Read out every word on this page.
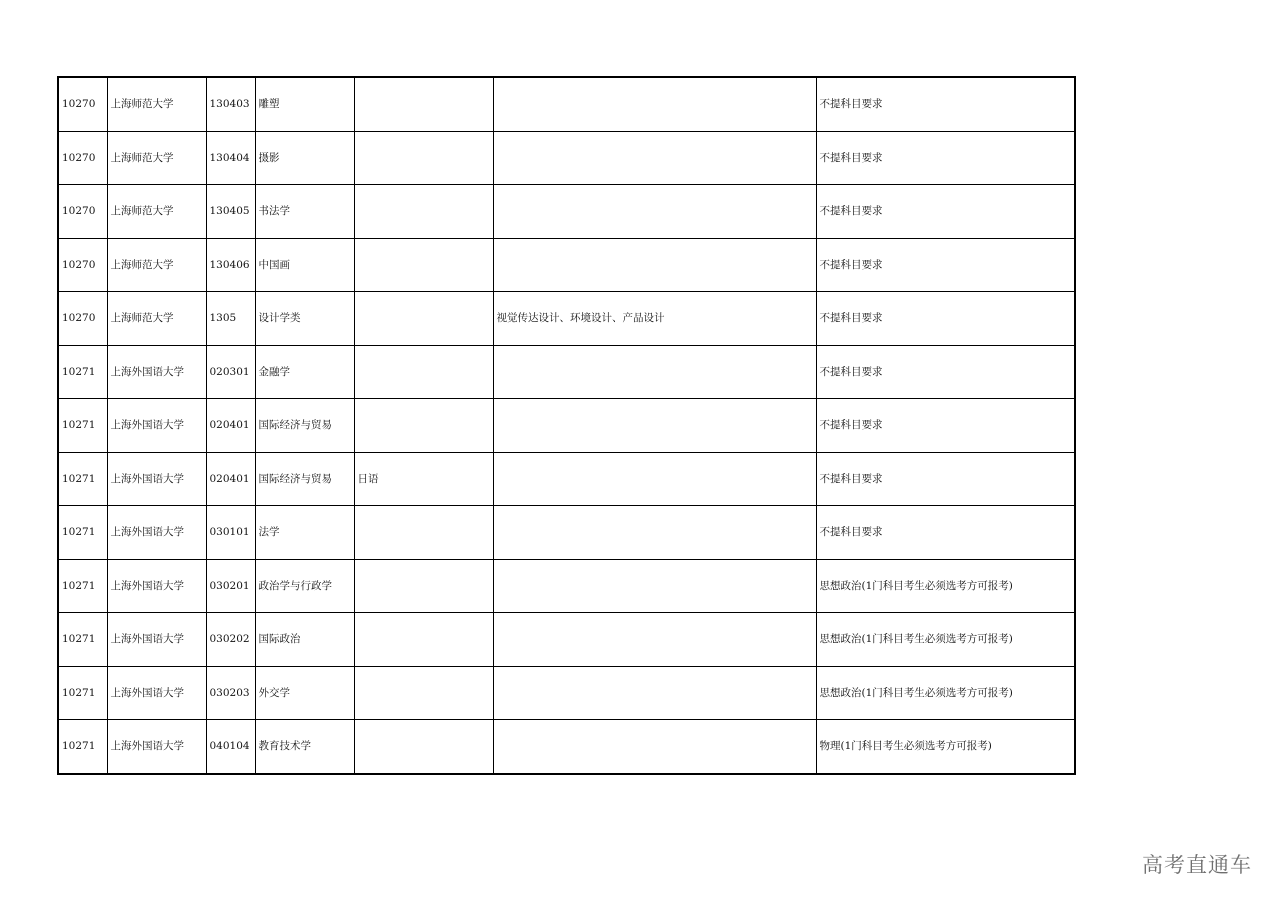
10270	上海师范大学	130403	雕塑			不提科目要求
10270	上海师范大学	130404	摄影			不提科目要求
10270	上海师范大学	130405	书法学			不提科目要求
10270	上海师范大学	130406	中国画			不提科目要求
10270	上海师范大学	1305	设计学类		视觉传达设计、环境设计、产品设计	不提科目要求
10271	上海外国语大学	020301	金融学			不提科目要求
10271	上海外国语大学	020401	国际经济与贸易			不提科目要求
10271	上海外国语大学	020401	国际经济与贸易	日语		不提科目要求
10271	上海外国语大学	030101	法学			不提科目要求
10271	上海外国语大学	030201	政治学与行政学			思想政治(1门科目考生必须选考方可报考)
10271	上海外国语大学	030202	国际政治			思想政治(1门科目考生必须选考方可报考)
10271	上海外国语大学	030203	外交学			思想政治(1门科目考生必须选考方可报考)
10271	上海外国语大学	040104	教育技术学			物理(1门科目考生必须选考方可报考)
高考直通车
